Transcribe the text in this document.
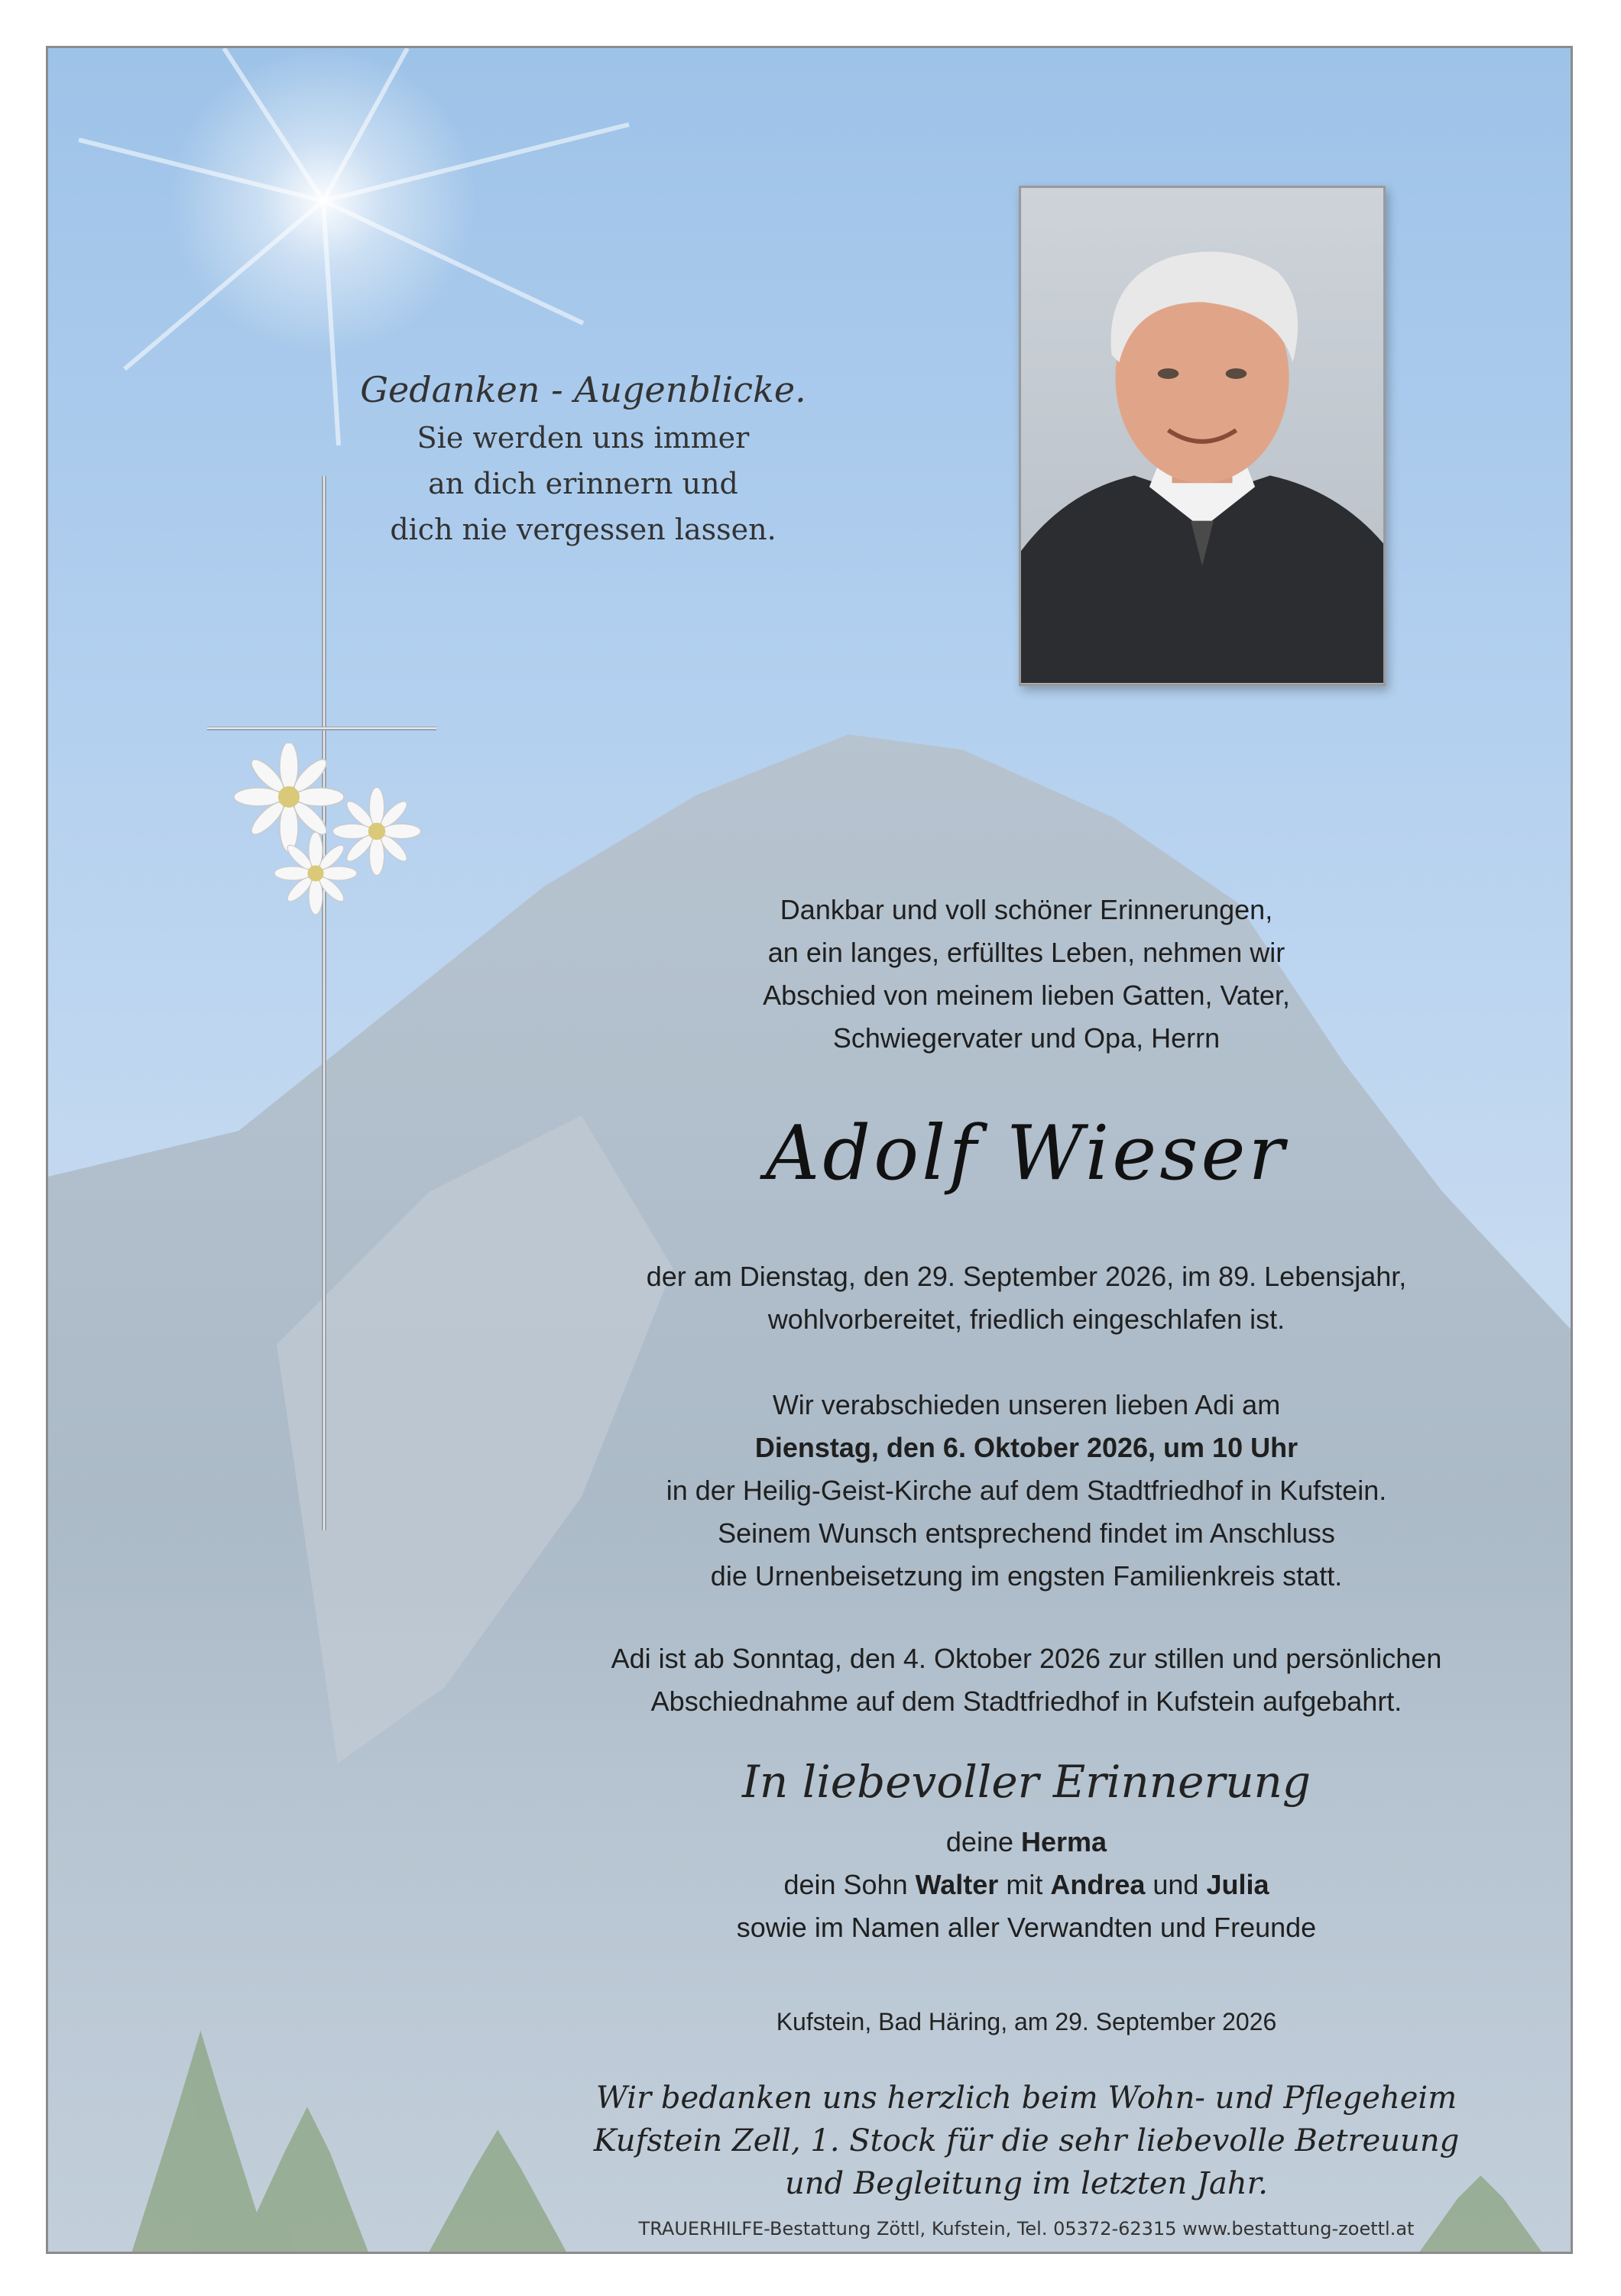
Gedanken - Augenblicke.
Sie werden uns immer
an dich erinnern und
dich nie vergessen lassen.
Dankbar und voll schöner Erinnerungen,
an ein langes, erfülltes Leben, nehmen wir
Abschied von meinem lieben Gatten, Vater,
Schwiegervater und Opa, Herrn
Adolf Wieser
der am Dienstag, den 29. September 2026, im 89. Lebensjahr,
wohlvorbereitet, friedlich eingeschlafen ist.
Wir verabschieden unseren lieben Adi am
Dienstag, den 6. Oktober 2026, um 10 Uhr
in der Heilig-Geist-Kirche auf dem Stadtfriedhof in Kufstein.
Seinem Wunsch entsprechend findet im Anschluss
die Urnenbeisetzung im engsten Familienkreis statt.
Adi ist ab Sonntag, den 4. Oktober 2026 zur stillen und persönlichen
Abschiednahme auf dem Stadtfriedhof in Kufstein aufgebahrt.
In liebevoller Erinnerung
deine Herma
dein Sohn Walter mit Andrea und Julia
sowie im Namen aller Verwandten und Freunde
Kufstein, Bad Häring, am 29. September 2026
Wir bedanken uns herzlich beim Wohn- und Pflegeheim
Kufstein Zell, 1. Stock für die sehr liebevolle Betreuung
und Begleitung im letzten Jahr.
TRAUERHILFE-Bestattung Zöttl, Kufstein, Tel. 05372-62315 www.bestattung-zoettl.at
